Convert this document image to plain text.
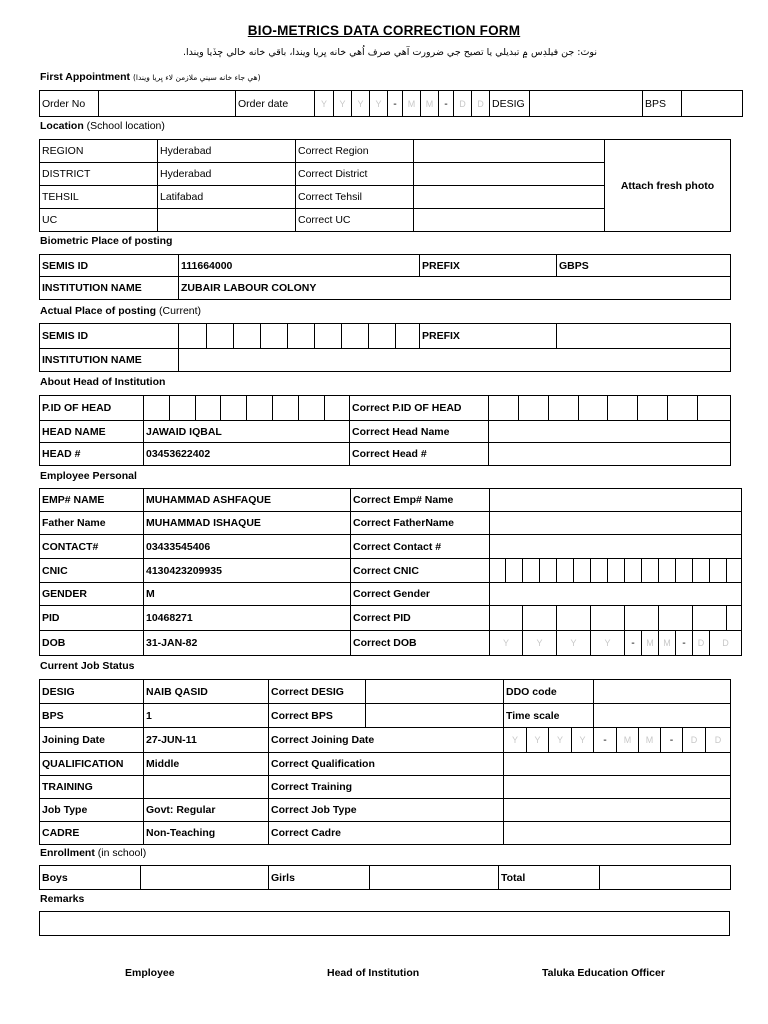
BIO-METRICS DATA CORRECTION FORM
نوٽ: جن فيلڊس ۾ تبديلي يا تصيح جي ضرورت آهي صرف اُهي خانه ڀريا ويندا، باقي خانه خالي ڇڏيا ويندا.
First Appointment (هي جاء خانه سيني ملازمن لاء ڀريا ويندا)
Order No		Order date	Y	Y	Y	Y	-	M	M	-	D	D	DESIG		BPS	
Location (School location)
REGION	Hyderabad	Correct Region		Attach fresh photo
DISTRICT	Hyderabad	Correct District		
TEHSIL	Latifabad	Correct Tehsil		
UC		Correct UC		
Biometric Place of posting
SEMIS ID	111664000	PREFIX	GBPS
INSTITUTION NAME	ZUBAIR LABOUR COLONY		
Actual Place of posting (Current)
SEMIS ID										PREFIX	
INSTITUTION NAME											
About Head of Institution
P.ID OF HEAD									Correct P.ID OF HEAD								
HEAD NAME	JAWAID IQBAL								Correct Head Name								
HEAD #	03453622402								Correct Head #								
Employee Personal
EMP# NAME	MUHAMMAD ASHFAQUE	Correct Emp# Name															
Father Name	MUHAMMAD ISHAQUE	Correct FatherName															
CONTACT#	03433545406	Correct Contact #															
CNIC	4130423209935	Correct CNIC															
GENDER	M	Correct Gender															
PID	10468271	Correct PID															
DOB	31-JAN-82	Correct DOB	Y		Y		Y		Y		-	M	M	-	D	D	
Current Job Status
DESIG	NAIB QASID	Correct DESIG		DDO code									
BPS	1	Correct BPS		Time scale									
Joining Date	27-JUN-11	Correct Joining Date		Y	Y	Y	Y	-	M	M	-	D	D
QUALIFICATION	Middle	Correct Qualification											
TRAINING		Correct Training											
Job Type	Govt: Regular	Correct Job Type											
CADRE	Non-Teaching	Correct Cadre											
Enrollment (in school)
Boys		Girls		Total	
Remarks
Employee	Head of Institution	Taluka Education Officer
